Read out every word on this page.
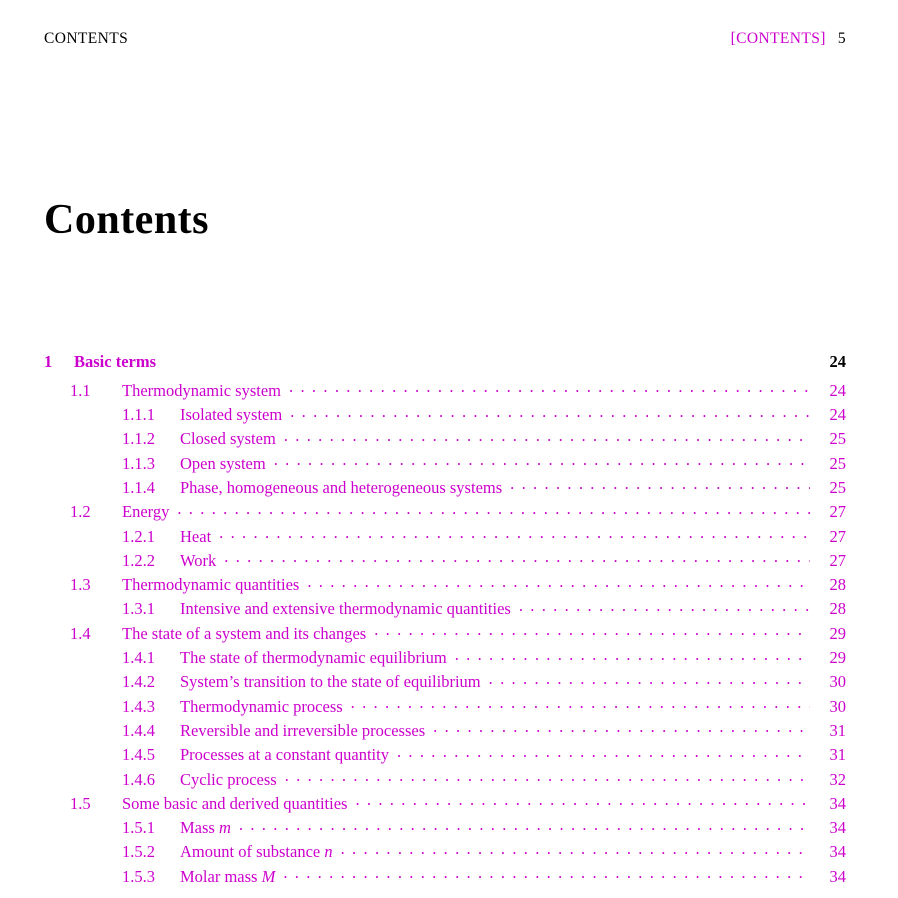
CONTENTS	[CONTENTS] 5
Contents
1	Basic terms	24
1.1	Thermodynamic system . . .	24
1.1.1	Isolated system . . .	24
1.1.2	Closed system . . .	25
1.1.3	Open system . . .	25
1.1.4	Phase, homogeneous and heterogeneous systems . . .	25
1.2	Energy . . .	27
1.2.1	Heat . . .	27
1.2.2	Work . . .	27
1.3	Thermodynamic quantities . . .	28
1.3.1	Intensive and extensive thermodynamic quantities . . .	28
1.4	The state of a system and its changes . . .	29
1.4.1	The state of thermodynamic equilibrium . . .	29
1.4.2	System’s transition to the state of equilibrium . . .	30
1.4.3	Thermodynamic process . . .	30
1.4.4	Reversible and irreversible processes . . .	31
1.4.5	Processes at a constant quantity . . .	31
1.4.6	Cyclic process . . .	32
1.5	Some basic and derived quantities . . .	34
1.5.1	Mass m . . .	34
1.5.2	Amount of substance n . . .	34
1.5.3	Molar mass M . . .	34
